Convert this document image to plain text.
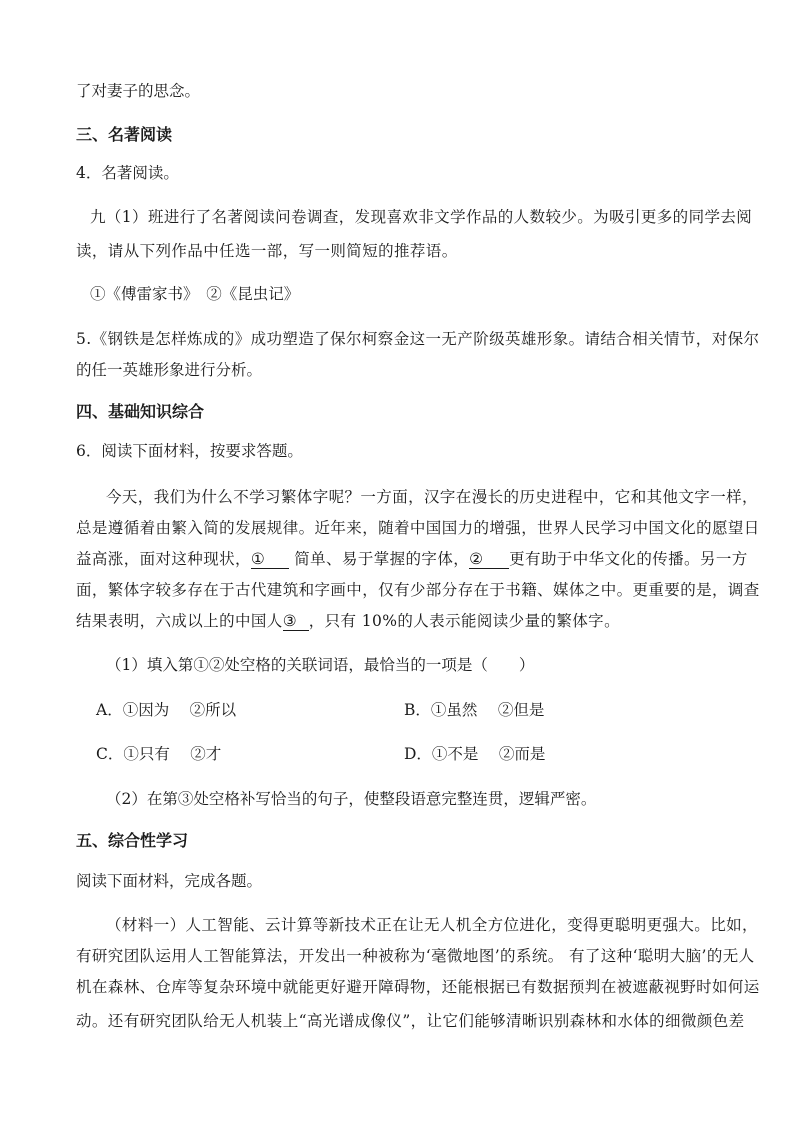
了对妻子的思念。
三、名著阅读
4．名著阅读。
九（1）班进行了名著阅读问卷调查，发现喜欢非文学作品的人数较少。为吸引更多的同学去阅
读，请从下列作品中任选一部，写一则简短的推荐语。
①《傅雷家书》　②《昆虫记》
5.《钢铁是怎样炼成的》成功塑造了保尔柯察金这一无产阶级英雄形象。请结合相关情节，对保尔
的任一英雄形象进行分析。
四、基础知识综合
6．阅读下面材料，按要求答题。
今天，我们为什么不学习繁体字呢？一方面，汉字在漫长的历史进程中，它和其他文字一样，
总是遵循着由繁入简的发展规律。近年来，随着中国国力的增强，世界人民学习中国文化的愿望日
益高涨，面对这种现状，① 简单、易于掌握的字体，② 更有助于中华文化的传播。另一方
面，繁体字较多存在于古代建筑和字画中，仅有少部分存在于书籍、媒体之中。更重要的是，调查
结果表明，六成以上的中国人③ ，只有 10%的人表示能阅读少量的繁体字。
（1）填入第①②处空格的关联词语，最恰当的一项是（　　）
A．①因为　 ②所以	B．①虽然　 ②但是
C．①只有　 ②才	D．①不是　 ②而是
（2）在第③处空格补写恰当的句子，使整段语意完整连贯，逻辑严密。
五、综合性学习
阅读下面材料，完成各题。
（材料一）人工智能、云计算等新技术正在让无人机全方位进化，变得更聪明更强大。比如，
有研究团队运用人工智能算法，开发出一种被称为‘毫微地图’的系统。 有了这种‘聪明大脑’的无人
机在森林、仓库等复杂环境中就能更好避开障碍物，还能根据已有数据预判在被遮蔽视野时如何运
动。还有研究团队给无人机装上“高光谱成像仪”，让它们能够清晰识别森林和水体的细微颜色差
